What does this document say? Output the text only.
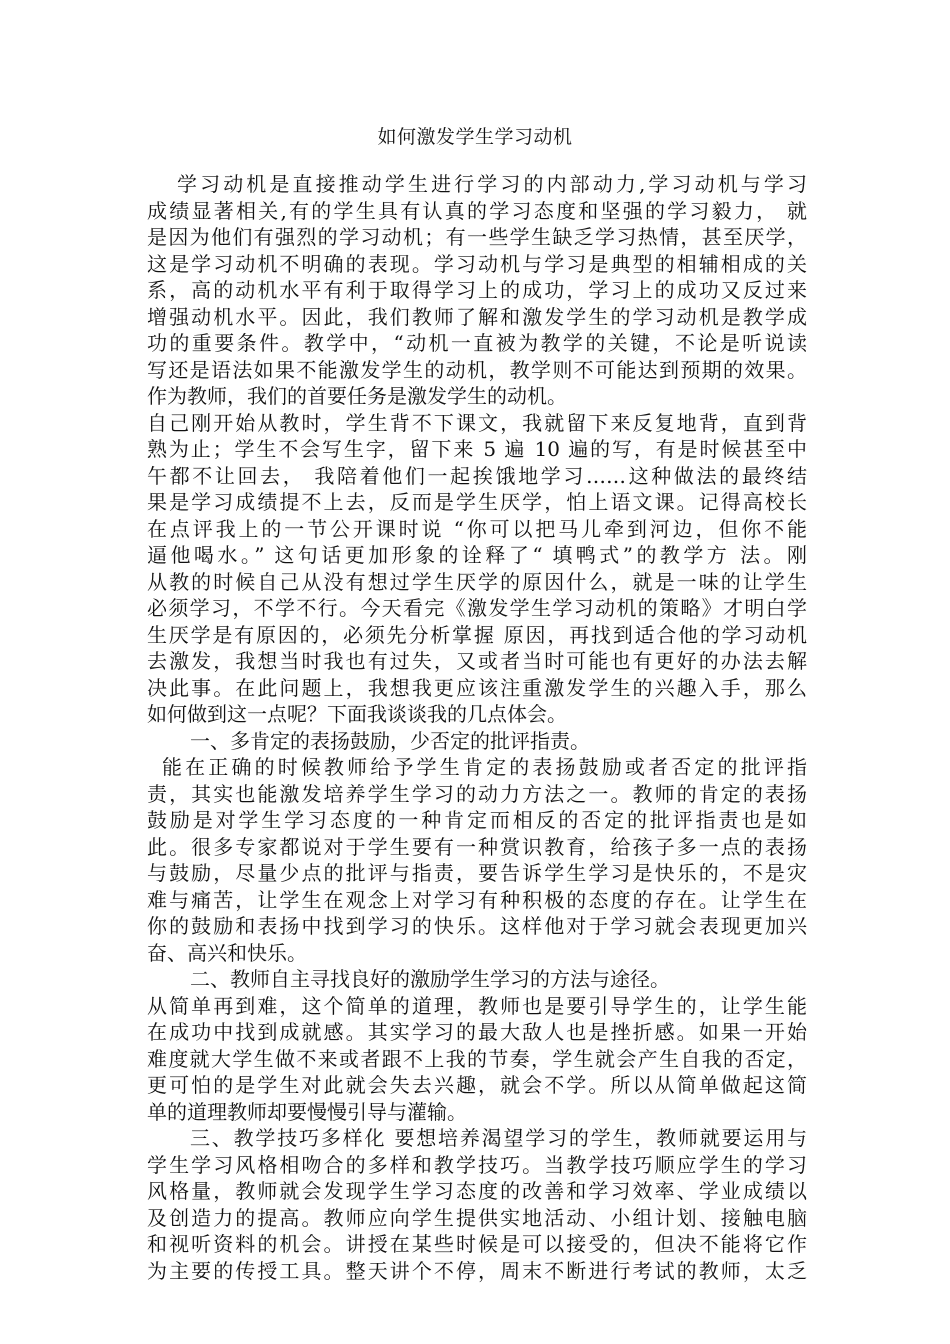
如何激发学生学习动机
学习动机是直接推动学生进行学习的内部动力,学习动机与学习
成绩显著相关,有的学生具有认真的学习态度和坚强的学习毅力， 就
是因为他们有强烈的学习动机；有一些学生缺乏学习热情，甚至厌学，
这是学习动机不明确的表现。学习动机与学习是典型的相辅相成的关
系，高的动机水平有利于取得学习上的成功，学习上的成功又反过来
增强动机水平。因此，我们教师了解和激发学生的学习动机是教学成
功的重要条件。教学中，“动机一直被为教学的关键，不论是听说读
写还是语法如果不能激发学生的动机，教学则不可能达到预期的效果。
作为教师，我们的首要任务是激发学生的动机。
自己刚开始从教时，学生背不下课文，我就留下来反复地背，直到背
熟为止；学生不会写生字，留下来 5 遍 10 遍的写，有是时候甚至中
午都不让回去， 我陪着他们一起挨饿地学习……这种做法的最终结
果是学习成绩提不上去，反而是学生厌学，怕上语文课。记得高校长
在点评我上的一节公开课时说 “你可以把马儿牵到河边，但你不能
逼他喝水。” 这句话更加形象的诠释了“ 填鸭式”的教学方 法。刚
从教的时候自己从没有想过学生厌学的原因什么，就是一味的让学生
必须学习，不学不行。今天看完《激发学生学习动机的策略》才明白学
生厌学是有原因的，必须先分析掌握 原因，再找到适合他的学习动机
去激发，我想当时我也有过失，又或者当时可能也有更好的办法去解
决此事。在此问题上，我想我更应该注重激发学生的兴趣入手，那么
如何做到这一点呢？下面我谈谈我的几点体会。
一、多肯定的表扬鼓励，少否定的批评指责。
能在正确的时候教师给予学生肯定的表扬鼓励或者否定的批评指
责，其实也能激发培养学生学习的动力方法之一。教师的肯定的表扬
鼓励是对学生学习态度的一种肯定而相反的否定的批评指责也是如
此。很多专家都说对于学生要有一种赏识教育，给孩子多一点的表扬
与鼓励，尽量少点的批评与指责，要告诉学生学习是快乐的，不是灾
难与痛苦，让学生在观念上对学习有种积极的态度的存在。让学生在
你的鼓励和表扬中找到学习的快乐。这样他对于学习就会表现更加兴
奋、高兴和快乐。
二、教师自主寻找良好的激励学生学习的方法与途径。
从简单再到难，这个简单的道理，教师也是要引导学生的，让学生能
在成功中找到成就感。其实学习的最大敌人也是挫折感。如果一开始
难度就大学生做不来或者跟不上我的节奏，学生就会产生自我的否定，
更可怕的是学生对此就会失去兴趣，就会不学。所以从简单做起这简
单的道理教师却要慢慢引导与灌输。
三、教学技巧多样化 要想培养渴望学习的学生，教师就要运用与
学生学习风格相吻合的多样和教学技巧。当教学技巧顺应学生的学习
风格量，教师就会发现学生学习态度的改善和学习效率、学业成绩以
及创造力的提高。教师应向学生提供实地活动、小组计划、接触电脑
和视听资料的机会。讲授在某些时候是可以接受的，但决不能将它作
为主要的传授工具。整天讲个不停，周末不断进行考试的教师，太乏
